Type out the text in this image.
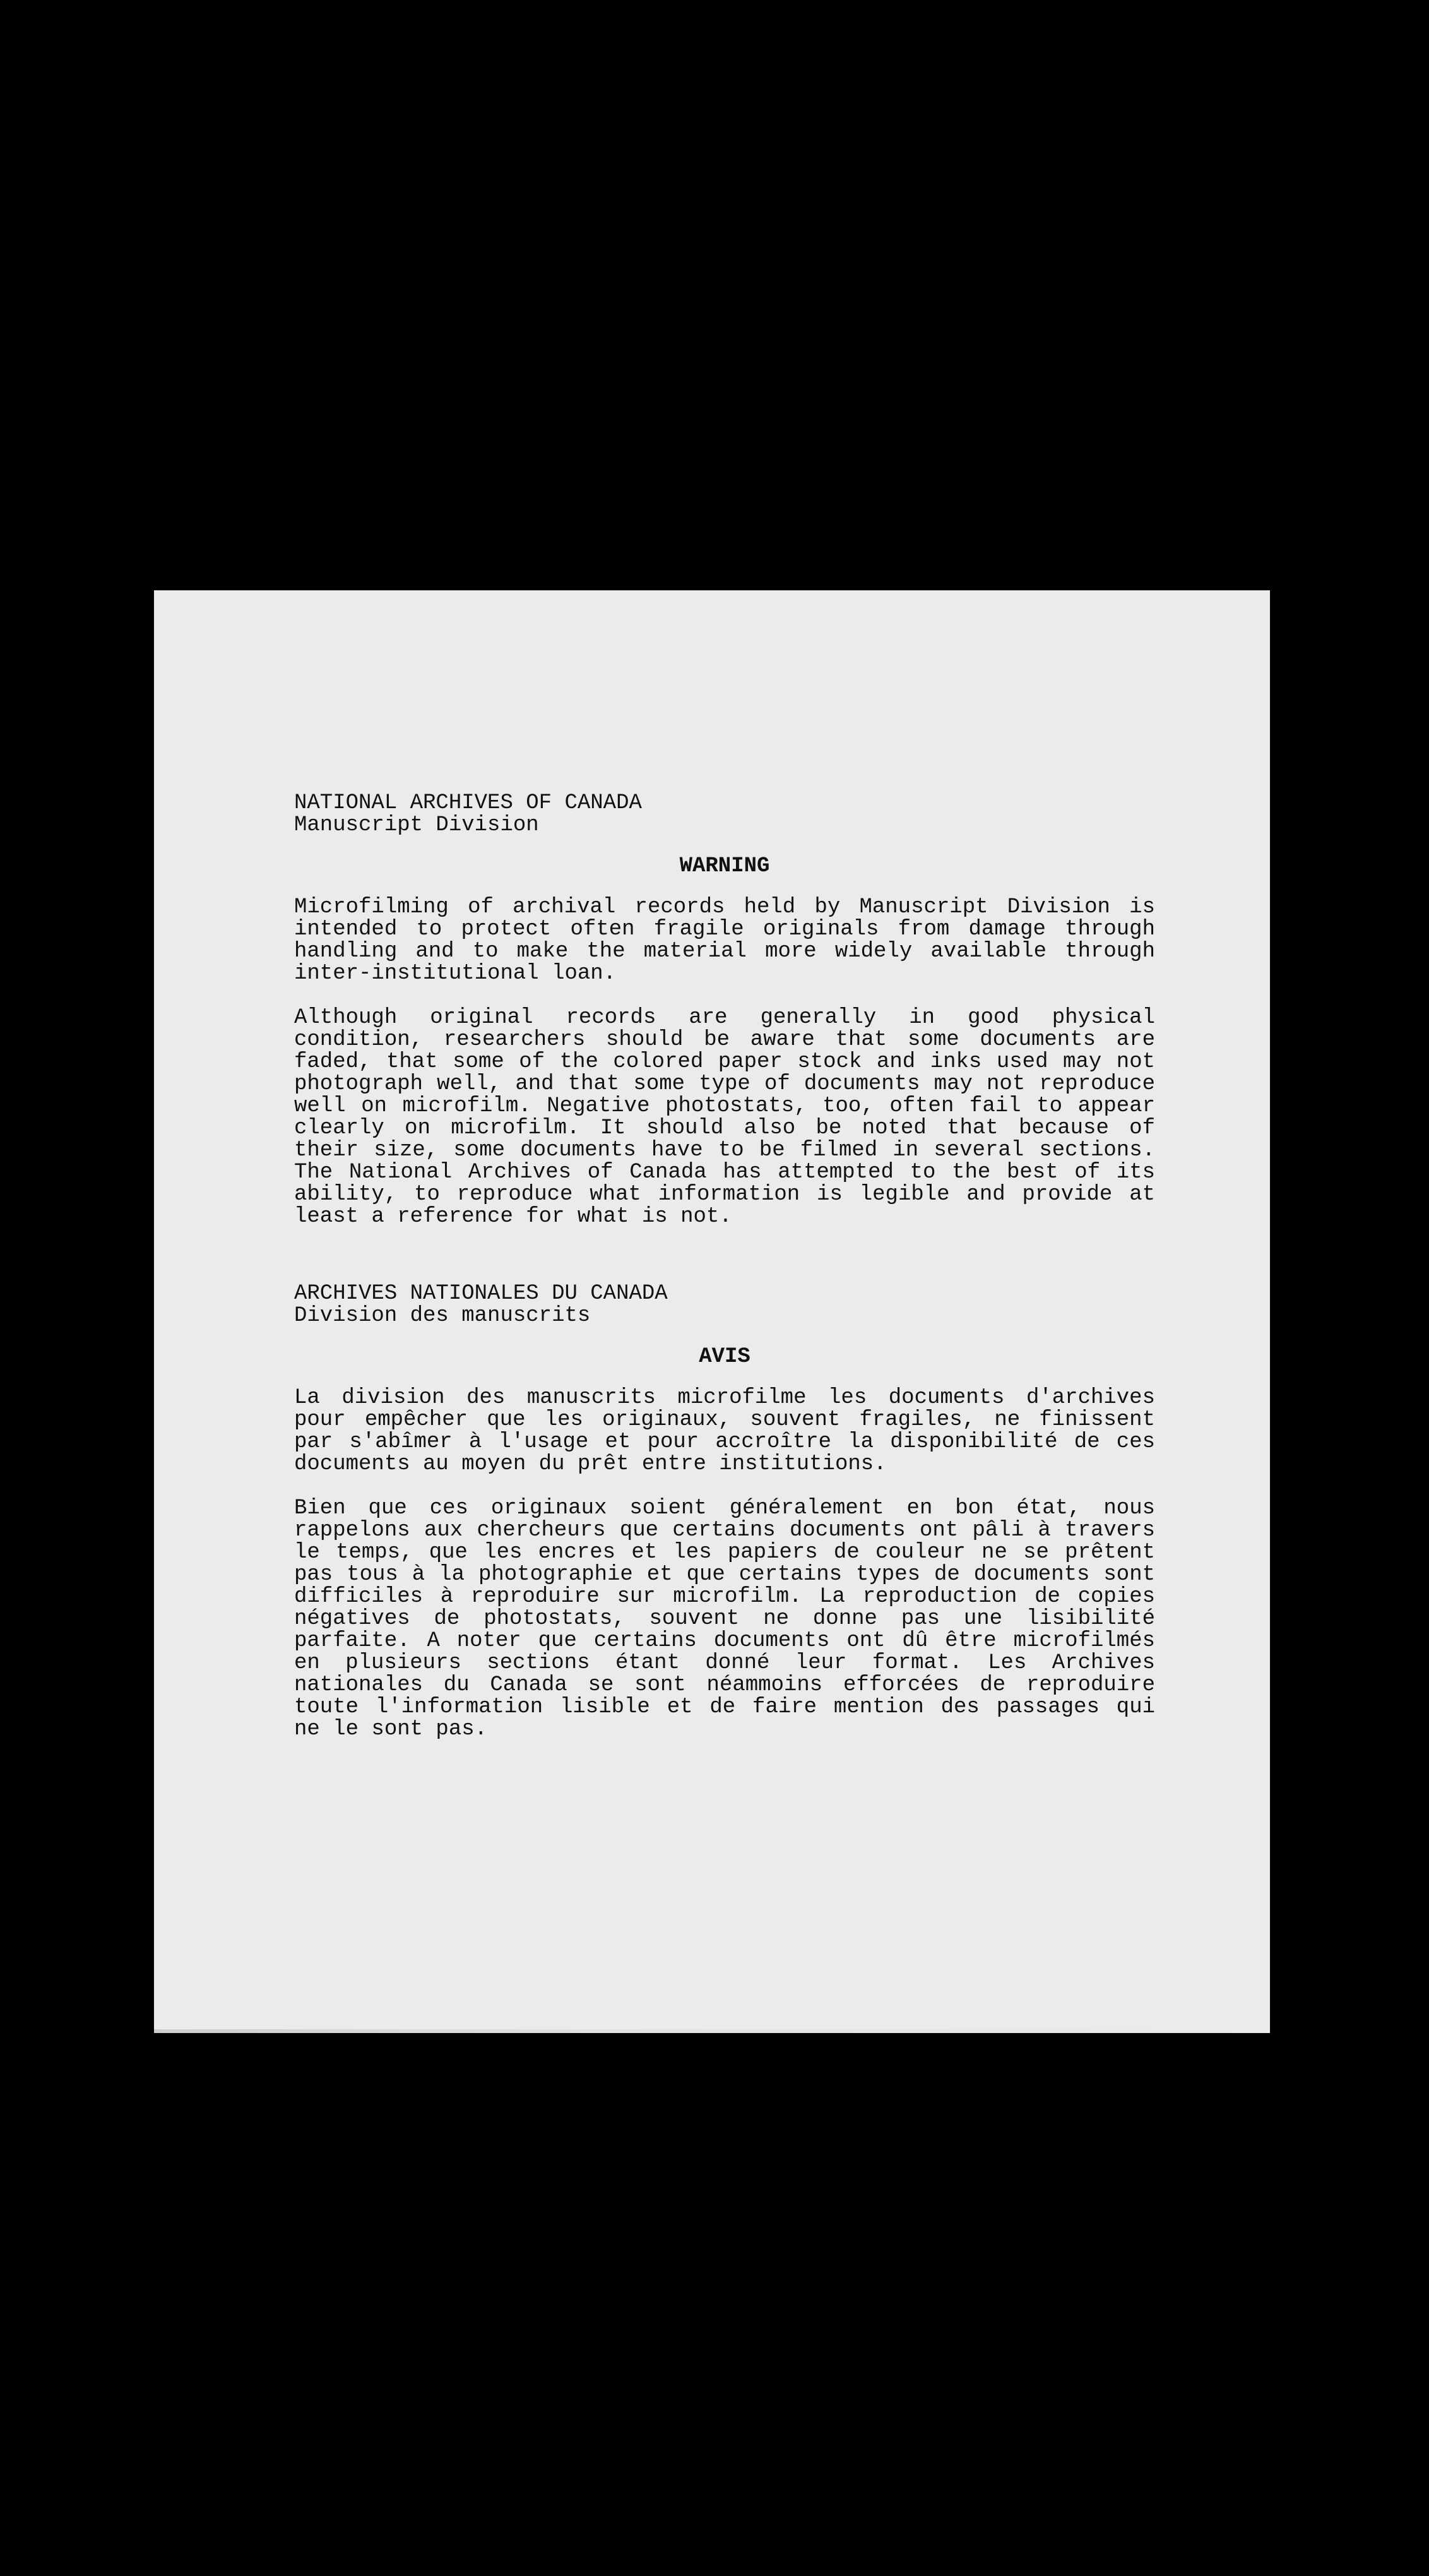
NATIONAL ARCHIVES OF CANADA
Manuscript Division
WARNING

Microfilming of archival records held by Manuscript Division is intended to protect often fragile originals from damage through handling and to make the material more widely available through inter-institutional loan.

Although original records are generally in good physical condition, researchers should be aware that some documents are faded, that some of the colored paper stock and inks used may not photograph well, and that some type of documents may not reproduce well on microfilm. Negative photostats, too, often fail to appear clearly on microfilm. It should also be noted that because of their size, some documents have to be filmed in several sections. The National Archives of Canada has attempted to the best of its ability, to reproduce what information is legible and provide at least a reference for what is not.

ARCHIVES NATIONALES DU CANADA
Division des manuscrits
AVIS

La division des manuscrits microfilme les documents d'archives pour empêcher que les originaux, souvent fragiles, ne finissent par s'abîmer à l'usage et pour accroître la disponibilité de ces documents au moyen du prêt entre institutions.

Bien que ces originaux soient généralement en bon état, nous rappelons aux chercheurs que certains documents ont pâli à travers le temps, que les encres et les papiers de couleur ne se prêtent pas tous à la photographie et que certains types de documents sont difficiles à reproduire sur microfilm. La reproduction de copies négatives de photostats, souvent ne donne pas une lisibilité parfaite. A noter que certains documents ont dû être microfilmés en plusieurs sections étant donné leur format. Les Archives nationales du Canada se sont néammoins efforcées de reproduire toute l'information lisible et de faire mention des passages qui ne le sont pas.
